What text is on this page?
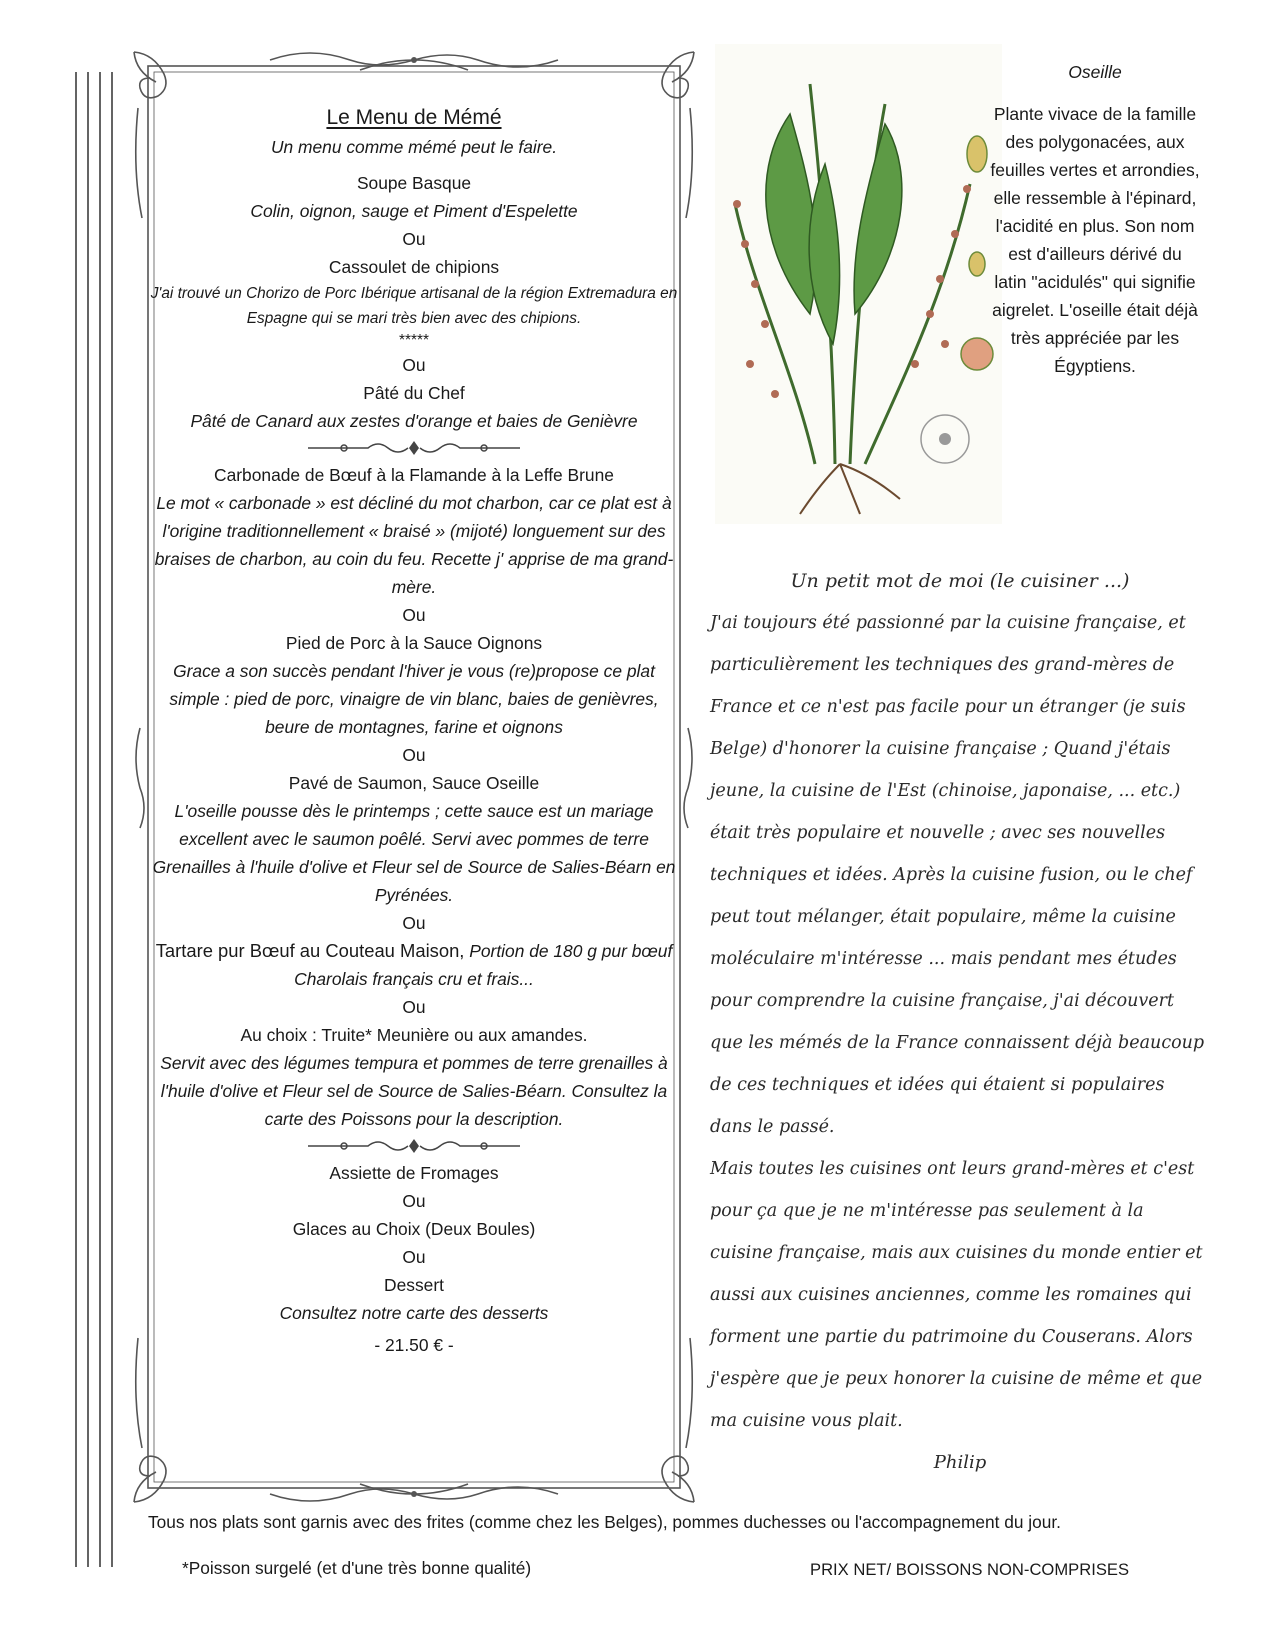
Le Menu de Mémé
Un menu comme mémé peut le faire.
Soupe Basque
Colin, oignon, sauge et Piment d'Espelette
Ou
Cassoulet de chipions
J'ai trouvé un Chorizo de Porc Ibérique artisanal de la région Extremadura en Espagne qui se mari très bien avec des chipions.
*****
Ou
Pâté du Chef
Pâté de Canard aux zestes d'orange et baies de Genièvre
Carbonade de Bœuf à la Flamande à la Leffe Brune
Le mot « carbonade » est décliné du mot charbon, car ce plat est à l'origine traditionnellement « braisé » (mijoté) longuement sur des braises de charbon, au coin du feu. Recette j' apprise de ma grand-mère.
Ou
Pied de Porc à la Sauce Oignons
Grace a son succès pendant l'hiver je vous (re)propose ce plat simple : pied de porc, vinaigre de vin blanc, baies de genièvres, beure de montagnes, farine et oignons
Ou
Pavé de Saumon, Sauce Oseille
L'oseille pousse dès le printemps ; cette sauce est un mariage excellent avec le saumon poêlé. Servi avec pommes de terre Grenailles à l'huile d'olive et Fleur sel de Source de Salies-Béarn en Pyrénées.
Ou
Tartare pur Bœuf au Couteau Maison, Portion de 180 g pur bœuf Charolais français cru et frais...
Ou
Au choix : Truite* Meunière ou aux amandes.
Servit avec des légumes tempura et pommes de terre grenailles à l'huile d'olive et Fleur sel de Source de Salies-Béarn. Consultez la carte des Poissons pour la description.
Assiette de Fromages
Ou
Glaces au Choix (Deux Boules)
Ou
Dessert
Consultez notre carte des desserts
- 21.50 € -
Oseille
Plante vivace de la famille des polygonacées, aux feuilles vertes et arrondies, elle ressemble à l'épinard, l'acidité en plus. Son nom est d'ailleurs dérivé du latin "acidulés" qui signifie aigrelet. L'oseille était déjà très appréciée par les Égyptiens.
Un petit mot de moi (le cuisiner ...)

J'ai toujours été passionné par la cuisine française, et particulièrement les techniques des grand-mères de France et ce n'est pas facile pour un étranger (je suis Belge) d'honorer la cuisine française ; Quand j'étais jeune, la cuisine de l'Est (chinoise, japonaise, ... etc.) était très populaire et nouvelle ; avec ses nouvelles techniques et idées. Après la cuisine fusion, ou le chef peut tout mélanger, était populaire, même la cuisine moléculaire m'intéresse ... mais pendant mes études pour comprendre la cuisine française, j'ai découvert que les mémés de la France connaissent déjà beaucoup de ces techniques et idées qui étaient si populaires dans le passé.

Mais toutes les cuisines ont leurs grand-mères et c'est pour ça que je ne m'intéresse pas seulement à la cuisine française, mais aux cuisines du monde entier et aussi aux cuisines anciennes, comme les romaines qui forment une partie du patrimoine du Couserans. Alors j'espère que je peux honorer la cuisine de même et que ma cuisine vous plait.

Philip
Tous nos plats sont garnis avec des frites (comme chez les Belges), pommes duchesses ou l'accompagnement du jour.
*Poisson surgelé (et d'une très bonne qualité)	PRIX NET/ BOISSONS NON-COMPRISES
